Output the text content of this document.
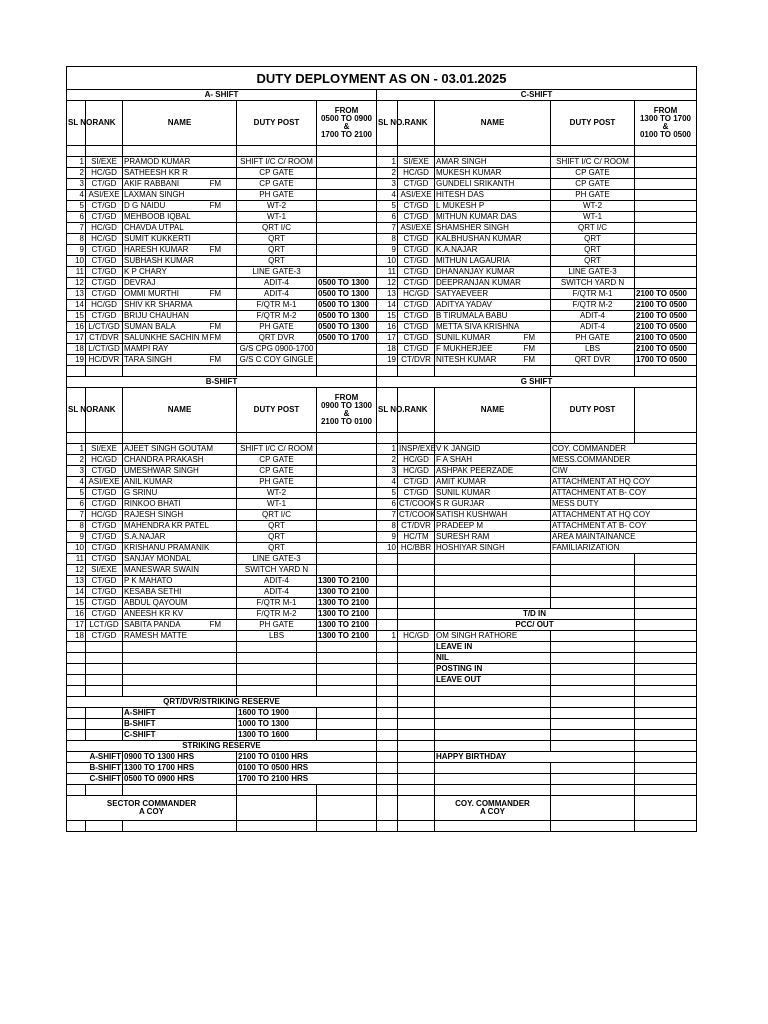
DUTY DEPLOYMENT AS ON - 03.01.2025									
A- SHIFT					C-SHIFT				
SL NO.	RANK	NAME	DUTY POST	FROM
0500 TO 0900
&
1700 TO 2100	SL NO.	RANK	NAME	DUTY POST	FROM
1300 TO 1700
&
0100 TO 0500

1	SI/EXE	PRAMOD KUMAR	SHIFT I/C C/ ROOM		1	SI/EXE	AMAR SINGH	SHIFT I/C C/ ROOM	
2	HC/GD	SATHEESH KR R	CP GATE		2	HC/GD	MUKESH KUMAR	CP GATE	
3	CT/GD	AKIF RABBANI FM	CP GATE		3	CT/GD	GUNDELI SRIKANTH	CP GATE	
4	ASI/EXE	LAXMAN SINGH	PH GATE		4	ASI/EXE	HITESH DAS	PH GATE	
5	CT/GD	D G NAIDU FM	WT-2		5	CT/GD	L MUKESH P	WT-2	
6	CT/GD	MEHBOOB IQBAL	WT-1		6	CT/GD	MITHUN KUMAR DAS	WT-1	
7	HC/GD	CHAVDA UTPAL	QRT I/C		7	ASI/EXE	SHAMSHER SINGH	QRT I/C	
8	HC/GD	SUMIT KUKKERTI	QRT		8	CT/GD	KALBHUSHAN KUMAR	QRT	
9	CT/GD	HARESH KUMAR FM	QRT		9	CT/GD	K.A.NAJAR	QRT	
10	CT/GD	SUBHASH KUMAR	QRT		10	CT/GD	MITHUN LAGAURIA	QRT	
11	CT/GD	K P CHARY	LINE GATE-3		11	CT/GD	DHANANJAY KUMAR	LINE GATE-3	
12	CT/GD	DEVRAJ	ADIT-4	0500 TO 1300	12	CT/GD	DEEPRANJAN KUMAR	SWITCH YARD N	
13	CT/GD	OMMI MURTHI FM	ADIT-4	0500 TO 1300	13	HC/GD	SATYAEVEER	F/QTR M-1	2100 TO 0500
14	HC/GD	SHIV KR SHARMA	F/QTR M-1	0500 TO 1300	14	CT/GD	ADITYA YADAV	F/QTR M-2	2100 TO 0500
15	CT/GD	BRIJU CHAUHAN	F/QTR M-2	0500 TO 1300	15	CT/GD	B TIRUMALA BABU	ADIT-4	2100 TO 0500
16	L/CT/GD	SUMAN BALA FM	PH GATE	0500 TO 1300	16	CT/GD	METTA SIVA KRISHNA	ADIT-4	2100 TO 0500
17	CT/DVR	SALUNKHE SACHIN M FM	QRT DVR	0500 TO 1700	17	CT/GD	SUNIL KUMAR FM	PH GATE	2100 TO 0500
18	L/CT/GD	MAMPI RAY	G/S CPG 0900-1700		18	CT/GD	F MUKHERJEE FM	LBS	2100 TO 0500
19	HC/DVR	TARA SINGH FM	G/S C COY GINGLE		19	CT/DVR	NITESH KUMAR FM	QRT DVR	1700 TO 0500

B-SHIFT					G SHIFT				
SL NO.	RANK	NAME	DUTY POST	FROM
0900 TO 1300
&
2100 TO 0100	SL NO.	RANK	NAME	DUTY POST	

1	SI/EXE	AJEET SINGH GOUTAM	SHIFT I/C C/ ROOM		1	INSP/EXE	V K JANGID	COY. COMMANDER	
2	HC/GD	CHANDRA PRAKASH	CP GATE		2	HC/GD	F A SHAH	MESS.COMMANDER	
3	CT/GD	UMESHWAR SINGH	CP GATE		3	HC/GD	ASHPAK PEERZADE	CIW	
4	ASI/EXE	ANIL KUMAR	PH GATE		4	CT/GD	AMIT KUMAR	ATTACHMENT AT HQ COY	
5	CT/GD	G SRINU	WT-2		5	CT/GD	SUNIL KUMAR	ATTACHMENT AT B- COY	
6	CT/GD	RINKOO BHATI	WT-1		6	CT/COOK	S R GURJAR	MESS DUTY	
7	HC/GD	RAJESH SINGH	QRT I/C		7	CT/COOK	SATISH KUSHWAH	ATTACHMENT AT HQ COY	
8	CT/GD	MAHENDRA KR PATEL	QRT		8	CT/DVR	PRADEEP M	ATTACHMENT AT B- COY	
9	CT/GD	S.A.NAJAR	QRT		9	HC/TM	SURESH RAM	AREA MAINTAINANCE	
10	CT/GD	KRISHANU PRAMANIK	QRT		10	HC/BBR	HOSHIYAR SINGH	FAMILIARIZATION	
11	CT/GD	SANJAY MONDAL	LINE GATE-3						
12	SI/EXE	MANESWAR SWAIN	SWITCH YARD N						
13	CT/GD	P K MAHATO	ADIT-4	1300 TO 2100					
14	CT/GD	KESABA SETHI	ADIT-4	1300 TO 2100					
15	CT/GD	ABDUL QAYOUM	F/QTR M-1	1300 TO 2100					
16	CT/GD	ANEESH KR KV	F/QTR M-2	1300 TO 2100			T/D IN		
17	LCT/GD	SABITA PANDA FM	PH GATE	1300 TO 2100			PCC/ OUT		
18	CT/GD	RAMESH MATTE	LBS	1300 TO 2100	1	HC/GD	OM SINGH RATHORE		
							LEAVE IN		
							NIL		
							POSTING IN		
							LEAVE OUT		

QRT/DVR/STRIKING RESERVE									
		A-SHIFT	1600 TO 1900						
		B-SHIFT	1000 TO 1300						
		C-SHIFT	1300 TO 1600						
STRIKING RESERVE									
A-SHIFT		0900 TO 1300 HRS	2100 TO 0100 HRS				HAPPY BIRTHDAY		
B-SHIFT		1300 TO 1700 HRS	0100 TO 0500 HRS						
C-SHIFT		0500 TO 0900 HRS	1700 TO 2100 HRS						

SECTOR COMMANDER
A COY							COY. COMMANDER
A COY		
